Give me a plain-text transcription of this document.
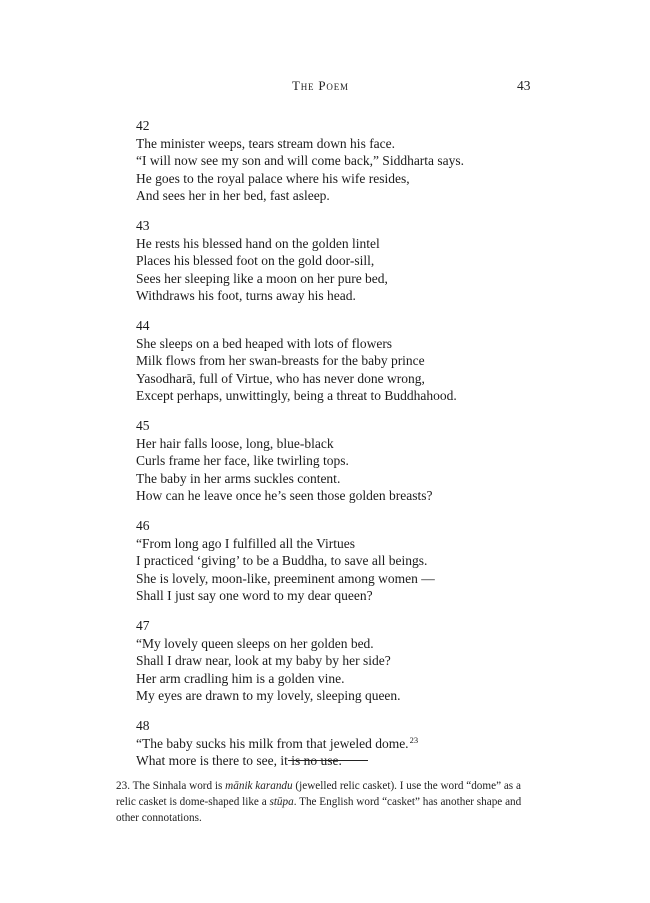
The Poem	43
42
The minister weeps, tears stream down his face.
“I will now see my son and will come back,” Siddharta says.
He goes to the royal palace where his wife resides,
And sees her in her bed, fast asleep.
43
He rests his blessed hand on the golden lintel
Places his blessed foot on the gold door-sill,
Sees her sleeping like a moon on her pure bed,
Withdraws his foot, turns away his head.
44
She sleeps on a bed heaped with lots of flowers
Milk flows from her swan-breasts for the baby prince
Yasodharā, full of Virtue, who has never done wrong,
Except perhaps, unwittingly, being a threat to Buddhahood.
45
Her hair falls loose, long, blue-black
Curls frame her face, like twirling tops.
The baby in her arms suckles content.
How can he leave once he’s seen those golden breasts?
46
“From long ago I fulfilled all the Virtues
I practiced ‘giving’ to be a Buddha, to save all beings.
She is lovely, moon-like, preeminent among women —
Shall I just say one word to my dear queen?
47
“My lovely queen sleeps on her golden bed.
Shall I draw near, look at my baby by her side?
Her arm cradling him is a golden vine.
My eyes are drawn to my lovely, sleeping queen.
48
“The baby sucks his milk from that jeweled dome.$^{23}$
What more is there to see, it is no use.
23. The Sinhala word is mānik karandu (jewelled relic casket). I use the word “dome” as a
relic casket is dome-shaped like a stūpa. The English word “casket” has another shape and
other connotations.
